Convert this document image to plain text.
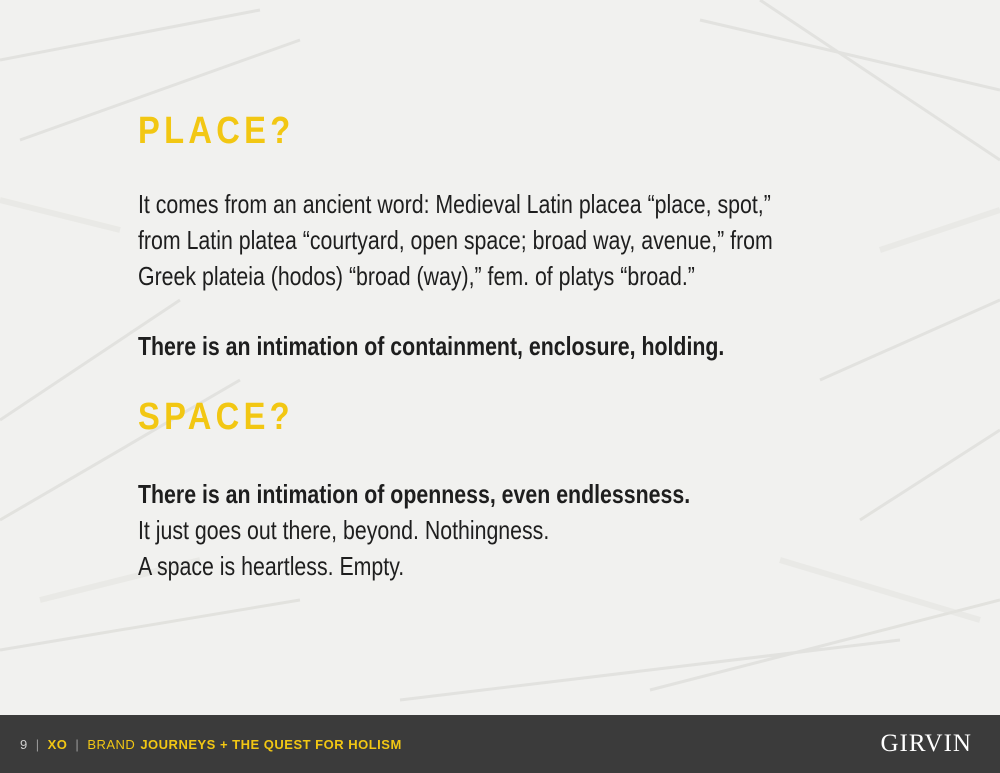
PLACE?
It comes from an ancient word: Medieval Latin placea “place, spot,”
from Latin platea “courtyard, open space; broad way, avenue,” from
Greek plateia (hodos) “broad (way),” fem. of platys “broad.”
There is an intimation of containment, enclosure, holding.
SPACE?
There is an intimation of openness, even endlessness.
It just goes out there, beyond. Nothingness.
A space is heartless. Empty.
9 | XO | BRAND JOURNEYS + THE QUEST FOR HOLISM	GIRVIN
